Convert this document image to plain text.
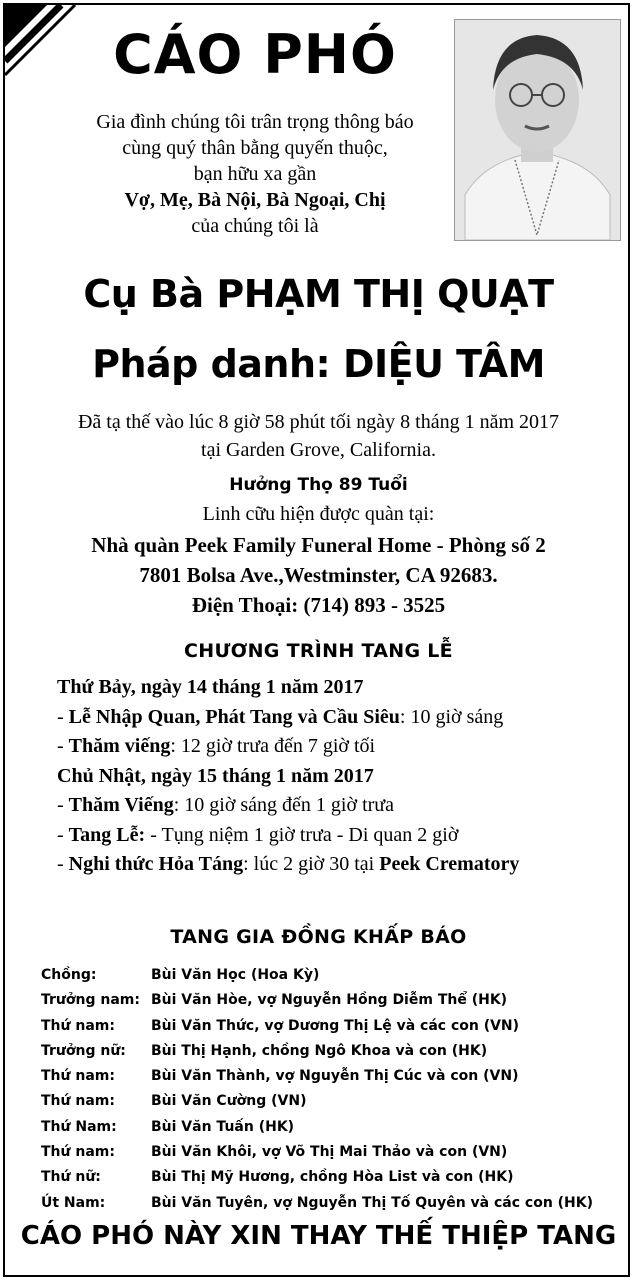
CÁO PHÓ
Gia đình chúng tôi trân trọng thông báo
cùng quý thân bằng quyến thuộc,
bạn hữu xa gần
Vợ, Mẹ, Bà Nội, Bà Ngoại, Chị
của chúng tôi là
Cụ Bà PHẠM THỊ QUẠT
Pháp danh: DIỆU TÂM
Đã tạ thế vào lúc 8 giờ 58 phút tối ngày 8 tháng 1 năm 2017
tại Garden Grove, California.
Hưởng Thọ 89 Tuổi
Linh cữu hiện được quàn tại:
Nhà quàn Peek Family Funeral Home - Phòng số 2
7801 Bolsa Ave.,Westminster, CA 92683.
Điện Thoại: (714) 893 - 3525
CHƯƠNG TRÌNH TANG LỄ
Thứ Bảy, ngày 14 tháng 1 năm 2017
- Lễ Nhập Quan, Phát Tang và Cầu Siêu: 10 giờ sáng
- Thăm viếng: 12 giờ trưa đến 7 giờ tối
Chủ Nhật, ngày 15 tháng 1 năm 2017
- Thăm Viếng: 10 giờ sáng đến 1 giờ trưa
- Tang Lễ: - Tụng niệm 1 giờ trưa - Di quan 2 giờ
- Nghi thức Hỏa Táng: lúc 2 giờ 30 tại Peek Crematory
TANG GIA ĐỒNG KHẤP BÁO
Chồng:	Bùi Văn Học (Hoa Kỳ)
Trưởng nam: Bùi Văn Hòe, vợ Nguyễn Hồng Diễm Thể (HK)
Thứ nam:	Bùi Văn Thức, vợ Dương Thị Lệ và các con (VN)
Trưởng nữ:	Bùi Thị Hạnh, chồng Ngô Khoa và con (HK)
Thứ nam:	Bùi Văn Thành, vợ Nguyễn Thị Cúc và con (VN)
Thứ nam:	Bùi Văn Cường (VN)
Thứ Nam:	Bùi Văn Tuấn (HK)
Thứ nam:	Bùi Văn Khôi, vợ Võ Thị Mai Thảo và con (VN)
Thứ nữ:	Bùi Thị Mỹ Hương, chồng Hòa List và con (HK)
Út Nam:	Bùi Văn Tuyên, vợ Nguyễn Thị Tố Quyên và các con (HK)
CÁO PHÓ NÀY XIN THAY THẾ THIỆP TANG
